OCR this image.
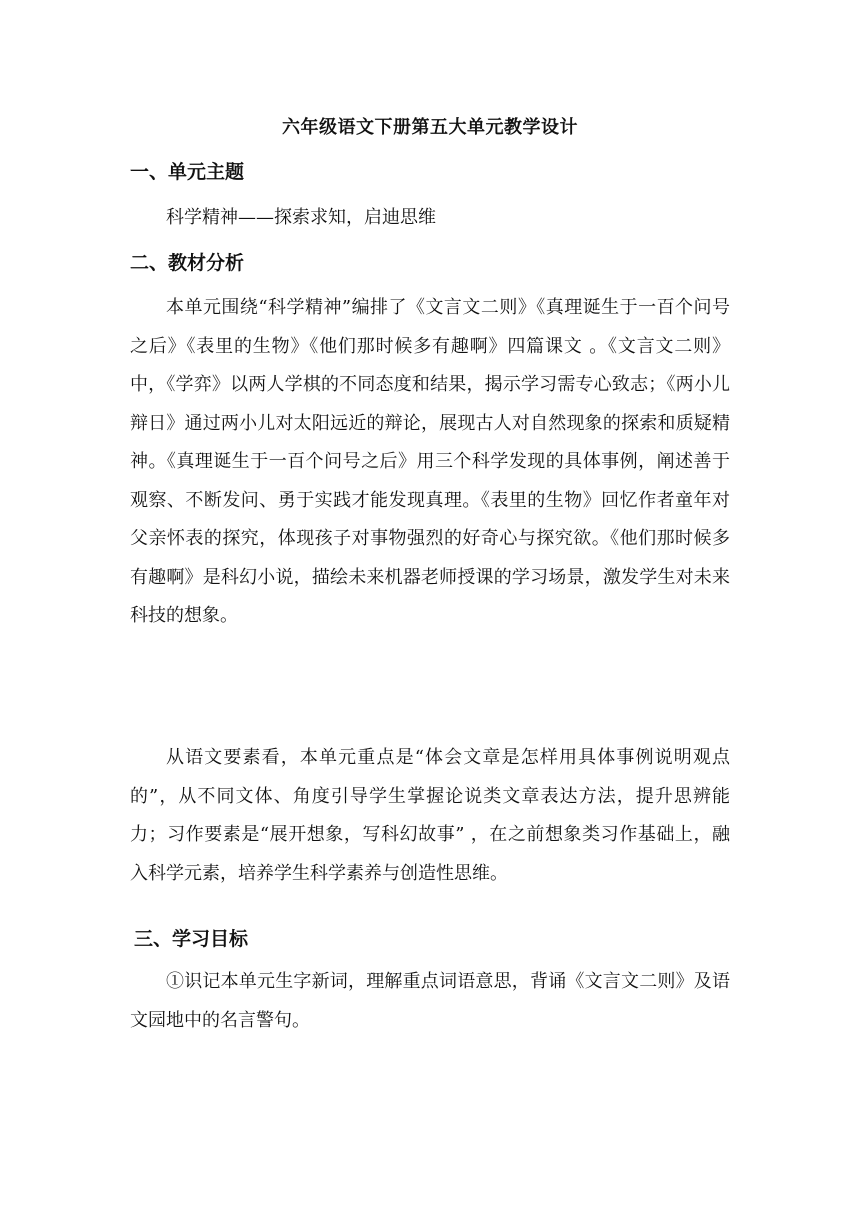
六年级语文下册第五大单元教学设计
一、单元主题

科学精神——探索求知，启迪思维

二、教材分析

本单元围绕“科学精神”编排了《文言文二则》《真理诞生于一百个问号之后》《表里的生物》《他们那时候多有趣啊》四篇课文 。《文言文二则》中，《学弈》以两人学棋的不同态度和结果，揭示学习需专心致志；《两小儿辩日》通过两小儿对太阳远近的辩论，展现古人对自然现象的探索和质疑精神。《真理诞生于一百个问号之后》用三个科学发现的具体事例，阐述善于观察、不断发问、勇于实践才能发现真理。《表里的生物》回忆作者童年对父亲怀表的探究，体现孩子对事物强烈的好奇心与探究欲。《他们那时候多有趣啊》是科幻小说，描绘未来机器老师授课的学习场景，激发学生对未来科技的想象。

从语文要素看，本单元重点是“体会文章是怎样用具体事例说明观点的”，从不同文体、角度引导学生掌握论说类文章表达方法，提升思辨能力；习作要素是“展开想象，写科幻故事” ，在之前想象类习作基础上，融入科学元素，培养学生科学素养与创造性思维。

三、学习目标

①识记本单元生字新词，理解重点词语意思，背诵《文言文二则》及语文园地中的名言警句。
